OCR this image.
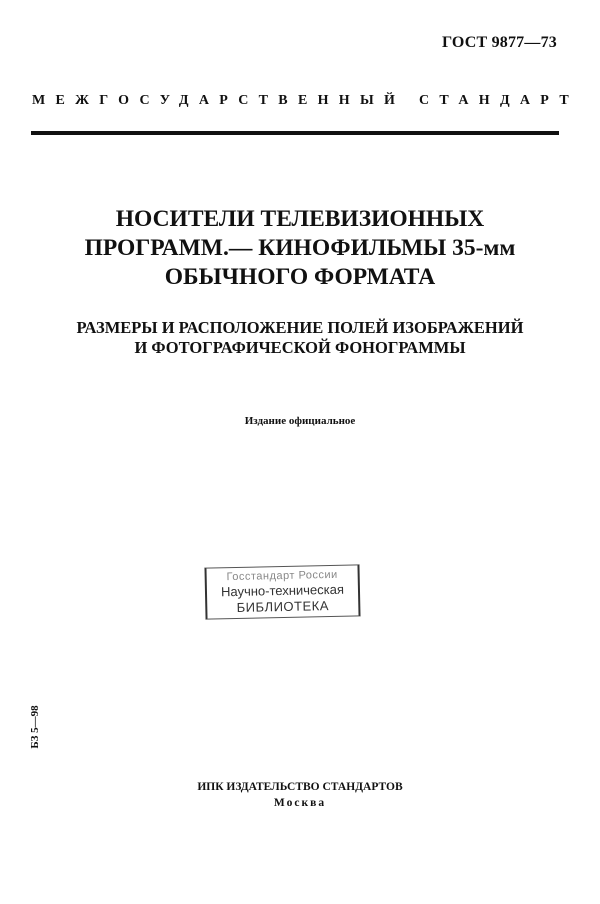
ГОСТ 9877—73
МЕЖГОСУДАРСТВЕННЫЙ СТАНДАРТ
НОСИТЕЛИ ТЕЛЕВИЗИОННЫХ
ПРОГРАММ.— КИНОФИЛЬМЫ 35-мм
ОБЫЧНОГО ФОРМАТА
РАЗМЕРЫ И РАСПОЛОЖЕНИЕ ПОЛЕЙ ИЗОБРАЖЕНИЙ
И ФОТОГРАФИЧЕСКОЙ ФОНОГРАММЫ
Издание официальное
Госстандарт России
Научно-техническая
БИБЛИОТЕКА
БЗ 5—98
ИПК ИЗДАТЕЛЬСТВО СТАНДАРТОВ
Москва
